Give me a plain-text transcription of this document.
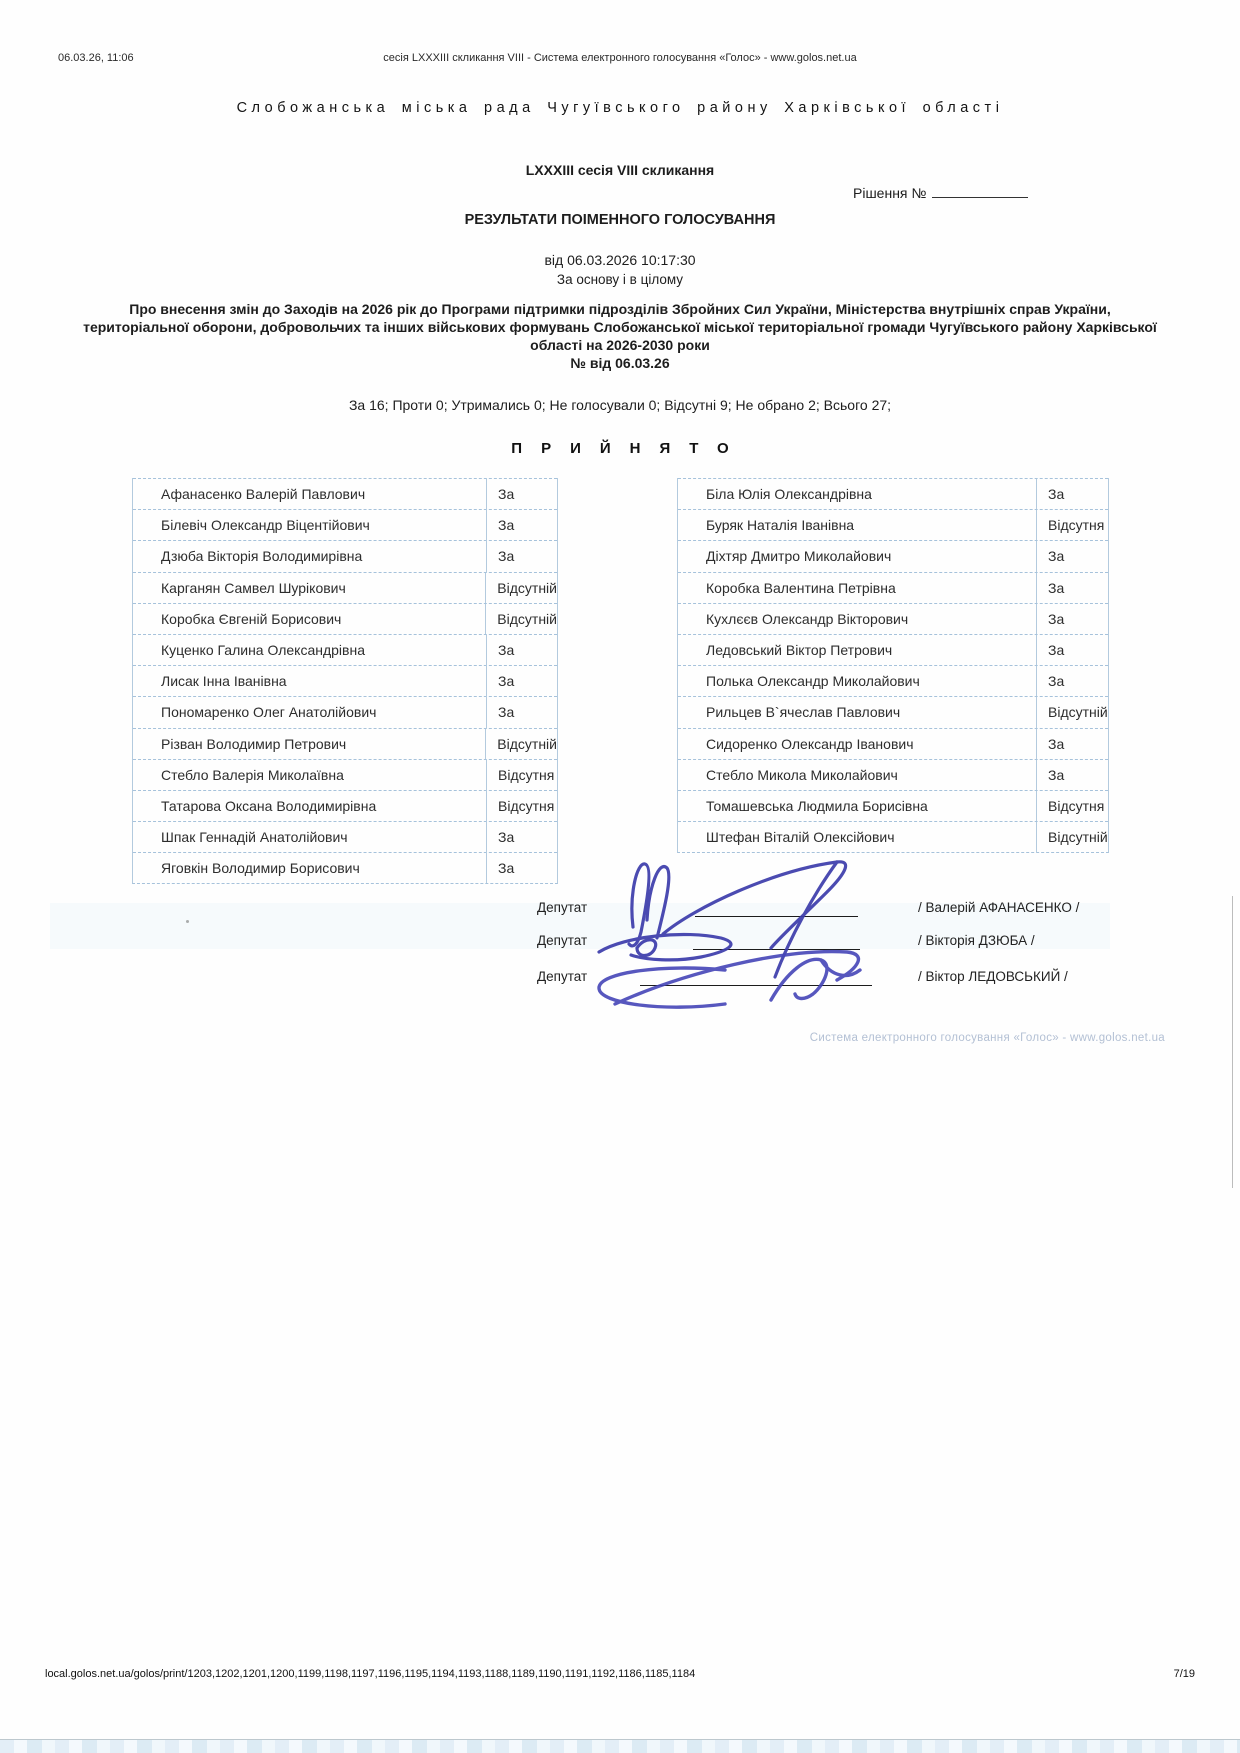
06.03.26, 11:06	сесія LXXXIII скликання VIII - Система електронного голосування «Голос» - www.golos.net.ua
Слобожанська міська рада Чугуївського району Харківської області
LXXXIII сесія VIII скликання
Рішення №
РЕЗУЛЬТАТИ ПОІМЕННОГО ГОЛОСУВАННЯ
від 06.03.2026 10:17:30
За основу і в цілому
Про внесення змін до Заходів на 2026 рік до Програми підтримки підрозділів Збройних Сил України, Міністерства внутрішніх справ України, територіальної оборони, добровольчих та інших військових формувань Слобожанської міської територіальної громади Чугуївського району Харківської області на 2026-2030 роки
№ від 06.03.26
За 16; Проти 0; Утримались 0; Не голосували 0; Відсутні 9; Не обрано 2; Всього 27;
ПРИЙНЯТО
Афанасенко Валерій Павлович	За
Білевіч Олександр Віцентійович	За
Дзюба Вікторія Володимирівна	За
Карганян Самвел Шурікович	Відсутній
Коробка Євгеній Борисович	Відсутній
Куценко Галина Олександрівна	За
Лисак Інна Іванівна	За
Пономаренко Олег Анатолійович	За
Різван Володимир Петрович	Відсутній
Стебло Валерія Миколаївна	Відсутня
Татарова Оксана Володимирівна	Відсутня
Шпак Геннадій Анатолійович	За
Яговкін Володимир Борисович	За
Біла Юлія Олександрівна	За
Буряк Наталія Іванівна	Відсутня
Діхтяр Дмитро Миколайович	За
Коробка Валентина Петрівна	За
Кухлєєв Олександр Вікторович	За
Ледовський Віктор Петрович	За
Полька Олександр Миколайович	За
Рильцев В`ячеслав Павлович	Відсутній
Сидоренко Олександр Іванович	За
Стебло Микола Миколайович	За
Томашевська Людмила Борисівна	Відсутня
Штефан Віталій Олексійович	Відсутній
Депутат	/ Валерій АФАНАСЕНКО /
Депутат	/ Вікторія ДЗЮБА /
Депутат	/ Віктор ЛЕДОВСЬКИЙ /
Система електронного голосування «Голос» - www.golos.net.ua
local.golos.net.ua/golos/print/1203,1202,1201,1200,1199,1198,1197,1196,1195,1194,1193,1188,1189,1190,1191,1192,1186,1185,1184	7/19
